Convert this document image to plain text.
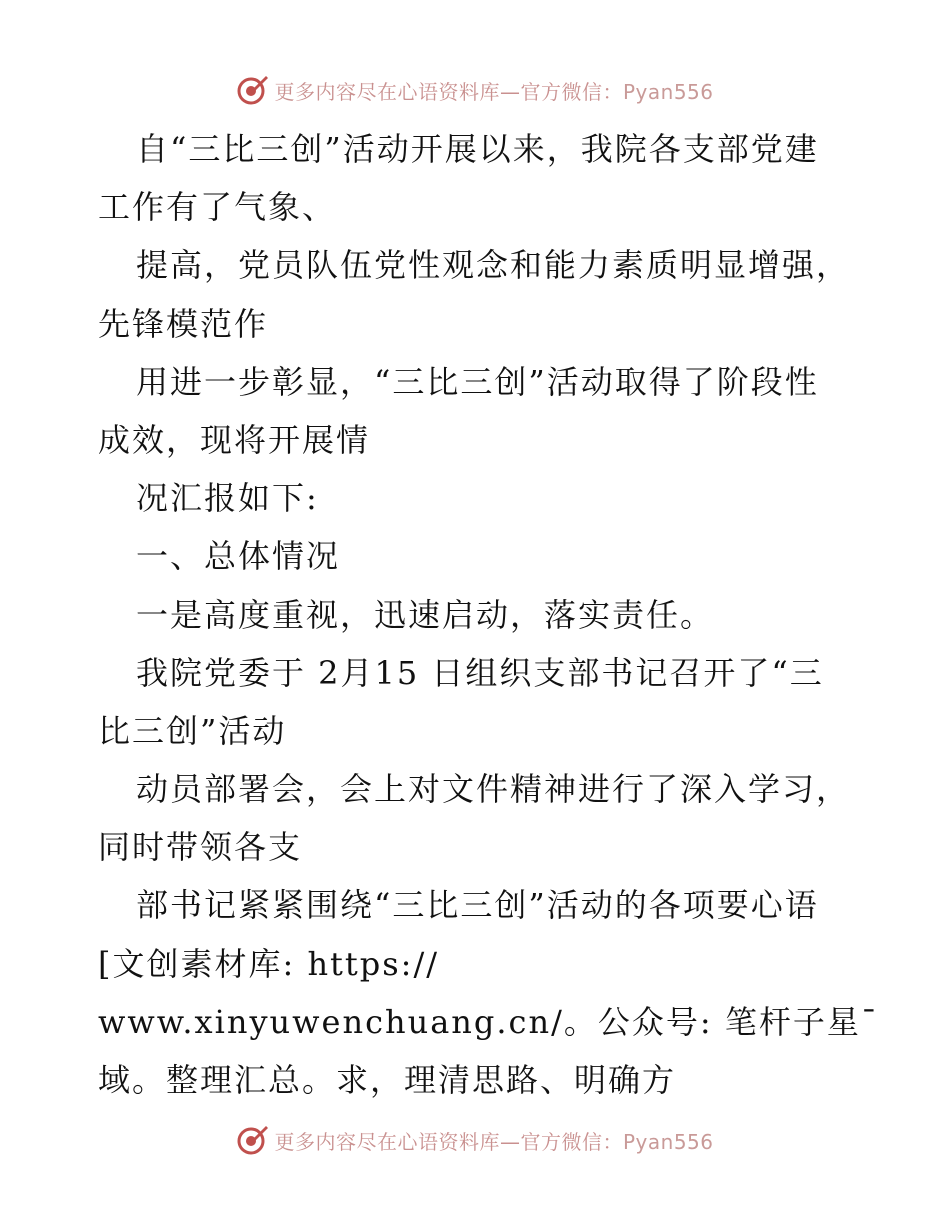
更多内容尽在心语资料库—官方微信：Pyan556
自“三比三创”活动开展以来，我院各支部党建
工作有了气象、
提高，党员队伍党性观念和能力素质明显增强，
先锋模范作
用进一步彰显，“三比三创”活动取得了阶段性
成效，现将开展情
况汇报如下:
一、总体情况
一是高度重视，迅速启动，落实责任。
我院党委于 2月15 日组织支部书记召开了“三
比三创”活动
动员部署会，会上对文件精神进行了深入学习，
同时带领各支
部书记紧紧围绕“三比三创”活动的各项要心语
[文创素材库: https://
www.xinyuwenchuang.cn/。公众号: 笔杆子星¯
域。整理汇总。求，理清思路、明确方
更多内容尽在心语资料库—官方微信：Pyan556
